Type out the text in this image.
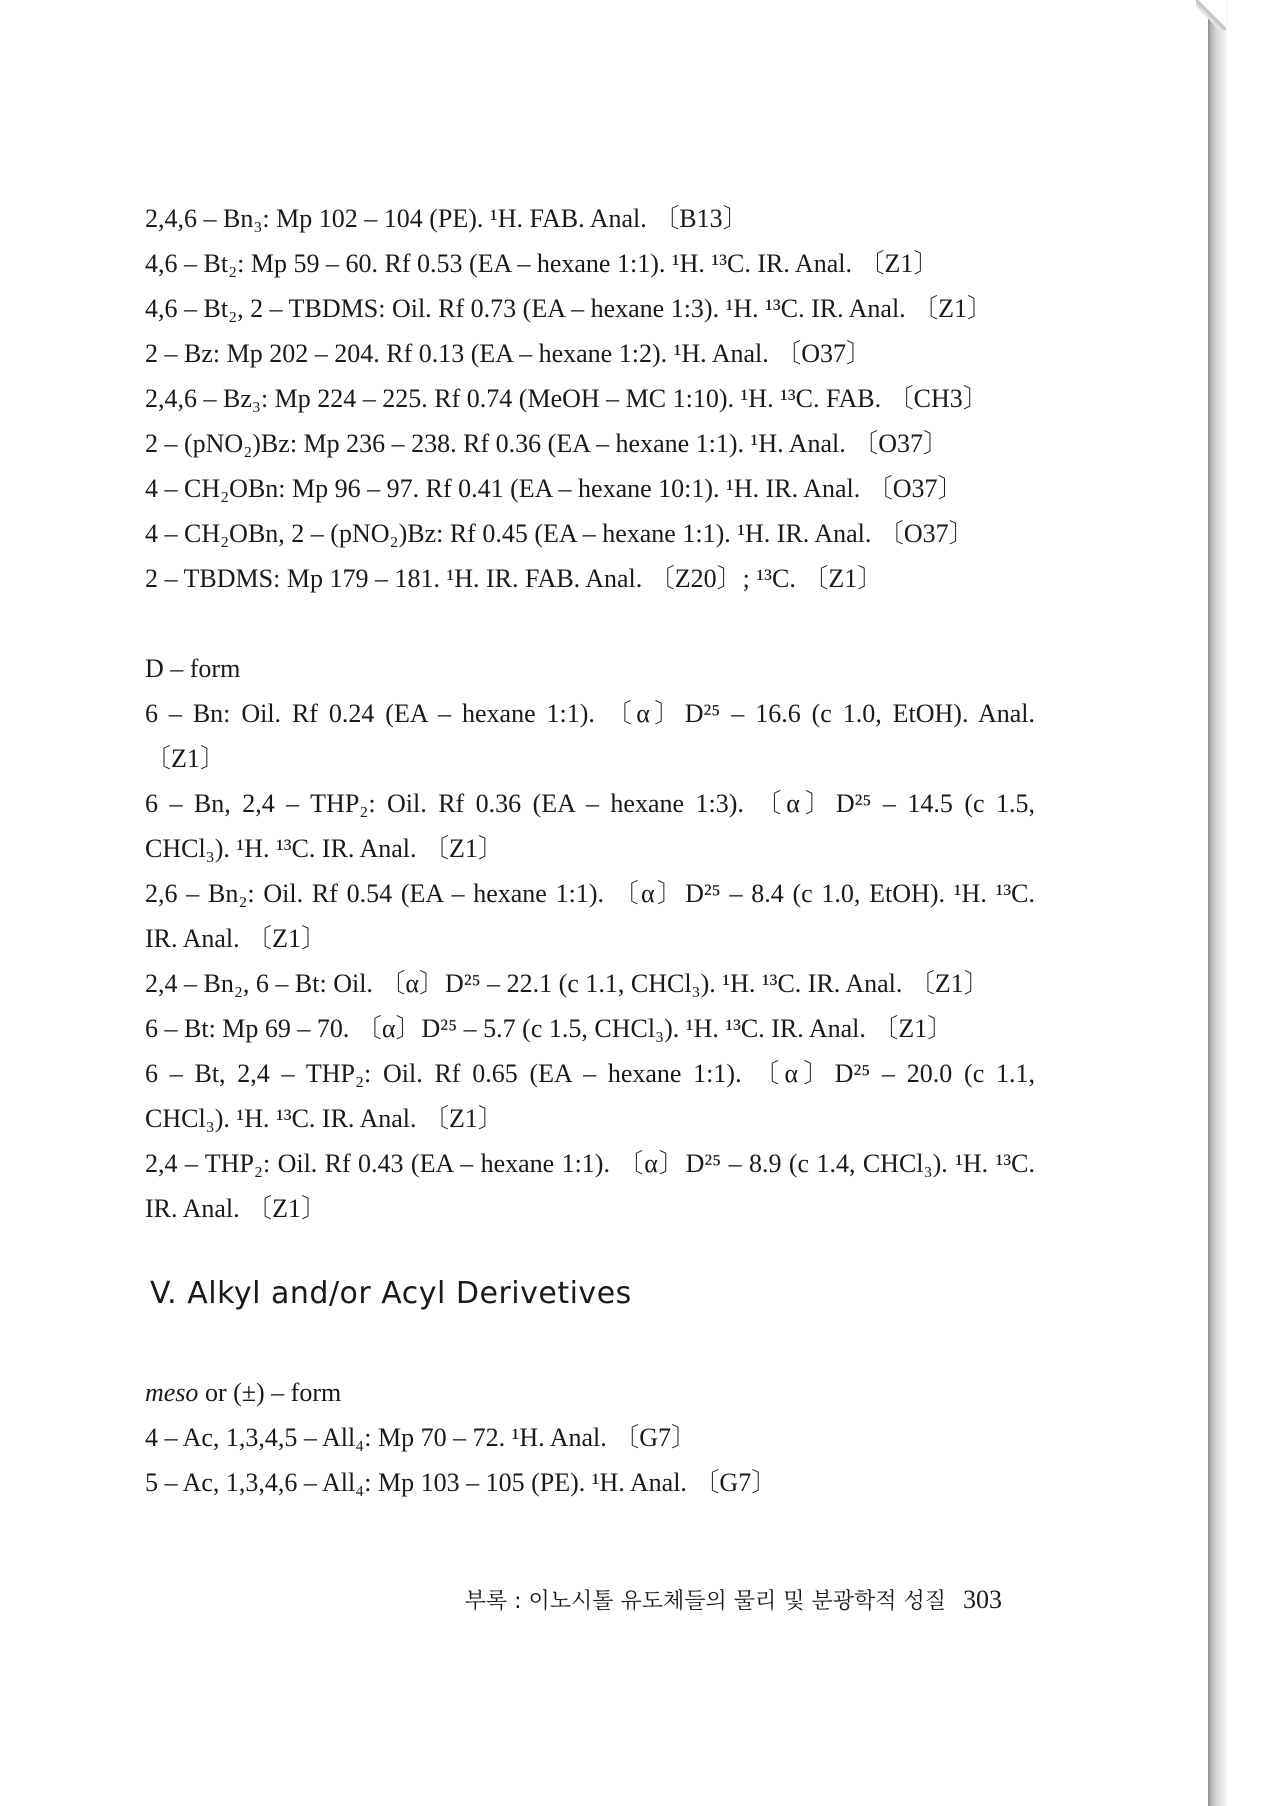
2,4,6 – Bn₃: Mp 102 – 104 (PE). ¹H. FAB. Anal. 〔B13〕
4,6 – Bt₂: Mp 59 – 60. Rf 0.53 (EA – hexane 1:1). ¹H. ¹³C. IR. Anal. 〔Z1〕
4,6 – Bt₂, 2 – TBDMS: Oil. Rf 0.73 (EA – hexane 1:3). ¹H. ¹³C. IR. Anal. 〔Z1〕
2 – Bz: Mp 202 – 204. Rf 0.13 (EA – hexane 1:2). ¹H. Anal. 〔O37〕
2,4,6 – Bz₃: Mp 224 – 225. Rf 0.74 (MeOH – MC 1:10). ¹H. ¹³C. FAB. 〔CH3〕
2 – (pNO₂)Bz: Mp 236 – 238. Rf 0.36 (EA – hexane 1:1). ¹H. Anal. 〔O37〕
4 – CH₂OBn: Mp 96 – 97. Rf 0.41 (EA – hexane 10:1). ¹H. IR. Anal. 〔O37〕
4 – CH₂OBn, 2 – (pNO₂)Bz: Rf 0.45 (EA – hexane 1:1). ¹H. IR. Anal. 〔O37〕
2 – TBDMS: Mp 179 – 181. ¹H. IR. FAB. Anal. 〔Z20〕; ¹³C. 〔Z1〕
D – form
6 – Bn: Oil. Rf 0.24 (EA – hexane 1:1). 〔α〕D²⁵ – 16.6 (c 1.0, EtOH). Anal.
〔Z1〕
6 – Bn, 2,4 – THP₂: Oil. Rf 0.36 (EA – hexane 1:3). 〔α〕D²⁵ – 14.5 (c 1.5,
CHCl₃). ¹H. ¹³C. IR. Anal. 〔Z1〕
2,6 – Bn₂: Oil. Rf 0.54 (EA – hexane 1:1). 〔α〕D²⁵ – 8.4 (c 1.0, EtOH). ¹H. ¹³C.
IR. Anal. 〔Z1〕
2,4 – Bn₂, 6 – Bt: Oil. 〔α〕D²⁵ – 22.1 (c 1.1, CHCl₃). ¹H. ¹³C. IR. Anal. 〔Z1〕
6 – Bt: Mp 69 – 70. 〔α〕D²⁵ – 5.7 (c 1.5, CHCl₃). ¹H. ¹³C. IR. Anal. 〔Z1〕
6 – Bt, 2,4 – THP₂: Oil. Rf 0.65 (EA – hexane 1:1). 〔α〕D²⁵ – 20.0 (c 1.1,
CHCl₃). ¹H. ¹³C. IR. Anal. 〔Z1〕
2,4 – THP₂: Oil. Rf 0.43 (EA – hexane 1:1). 〔α〕D²⁵ – 8.9 (c 1.4, CHCl₃). ¹H. ¹³C.
IR. Anal. 〔Z1〕
V. Alkyl and/or Acyl Derivetives
meso or (±) – form
4 – Ac, 1,3,4,5 – All₄: Mp 70 – 72. ¹H. Anal. 〔G7〕
5 – Ac, 1,3,4,6 – All₄: Mp 103 – 105 (PE). ¹H. Anal. 〔G7〕
부록 : 이노시톨 유도체들의 물리 및 분광학적 성질 303
